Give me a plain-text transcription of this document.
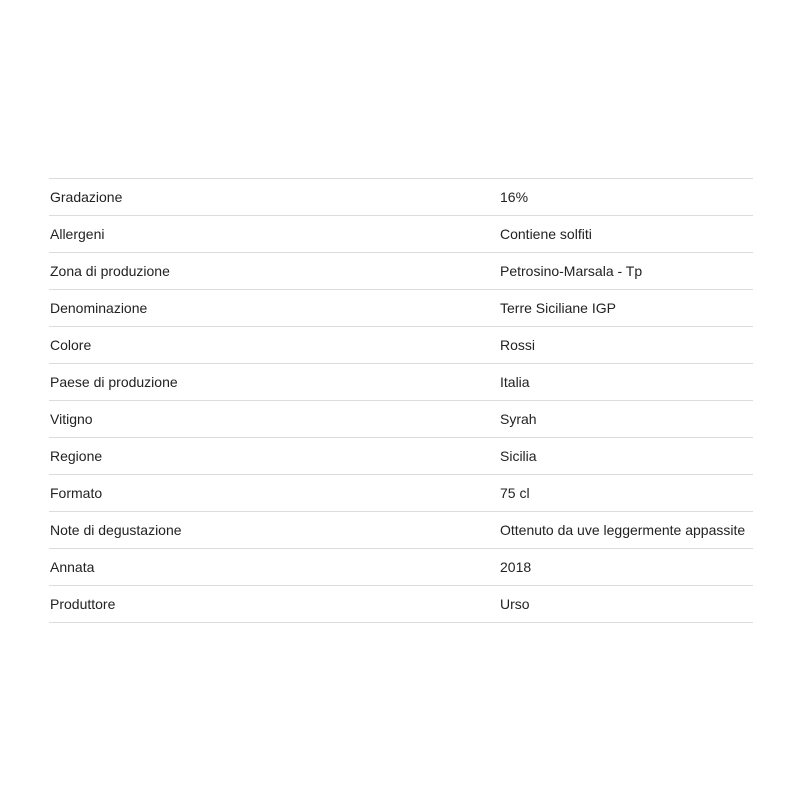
Gradazione	16%
Allergeni	Contiene solfiti
Zona di produzione	Petrosino-Marsala - Tp
Denominazione	Terre Siciliane IGP
Colore	Rossi
Paese di produzione	Italia
Vitigno	Syrah
Regione	Sicilia
Formato	75 cl
Note di degustazione	Ottenuto da uve leggermente appassite
Annata	2018
Produttore	Urso
